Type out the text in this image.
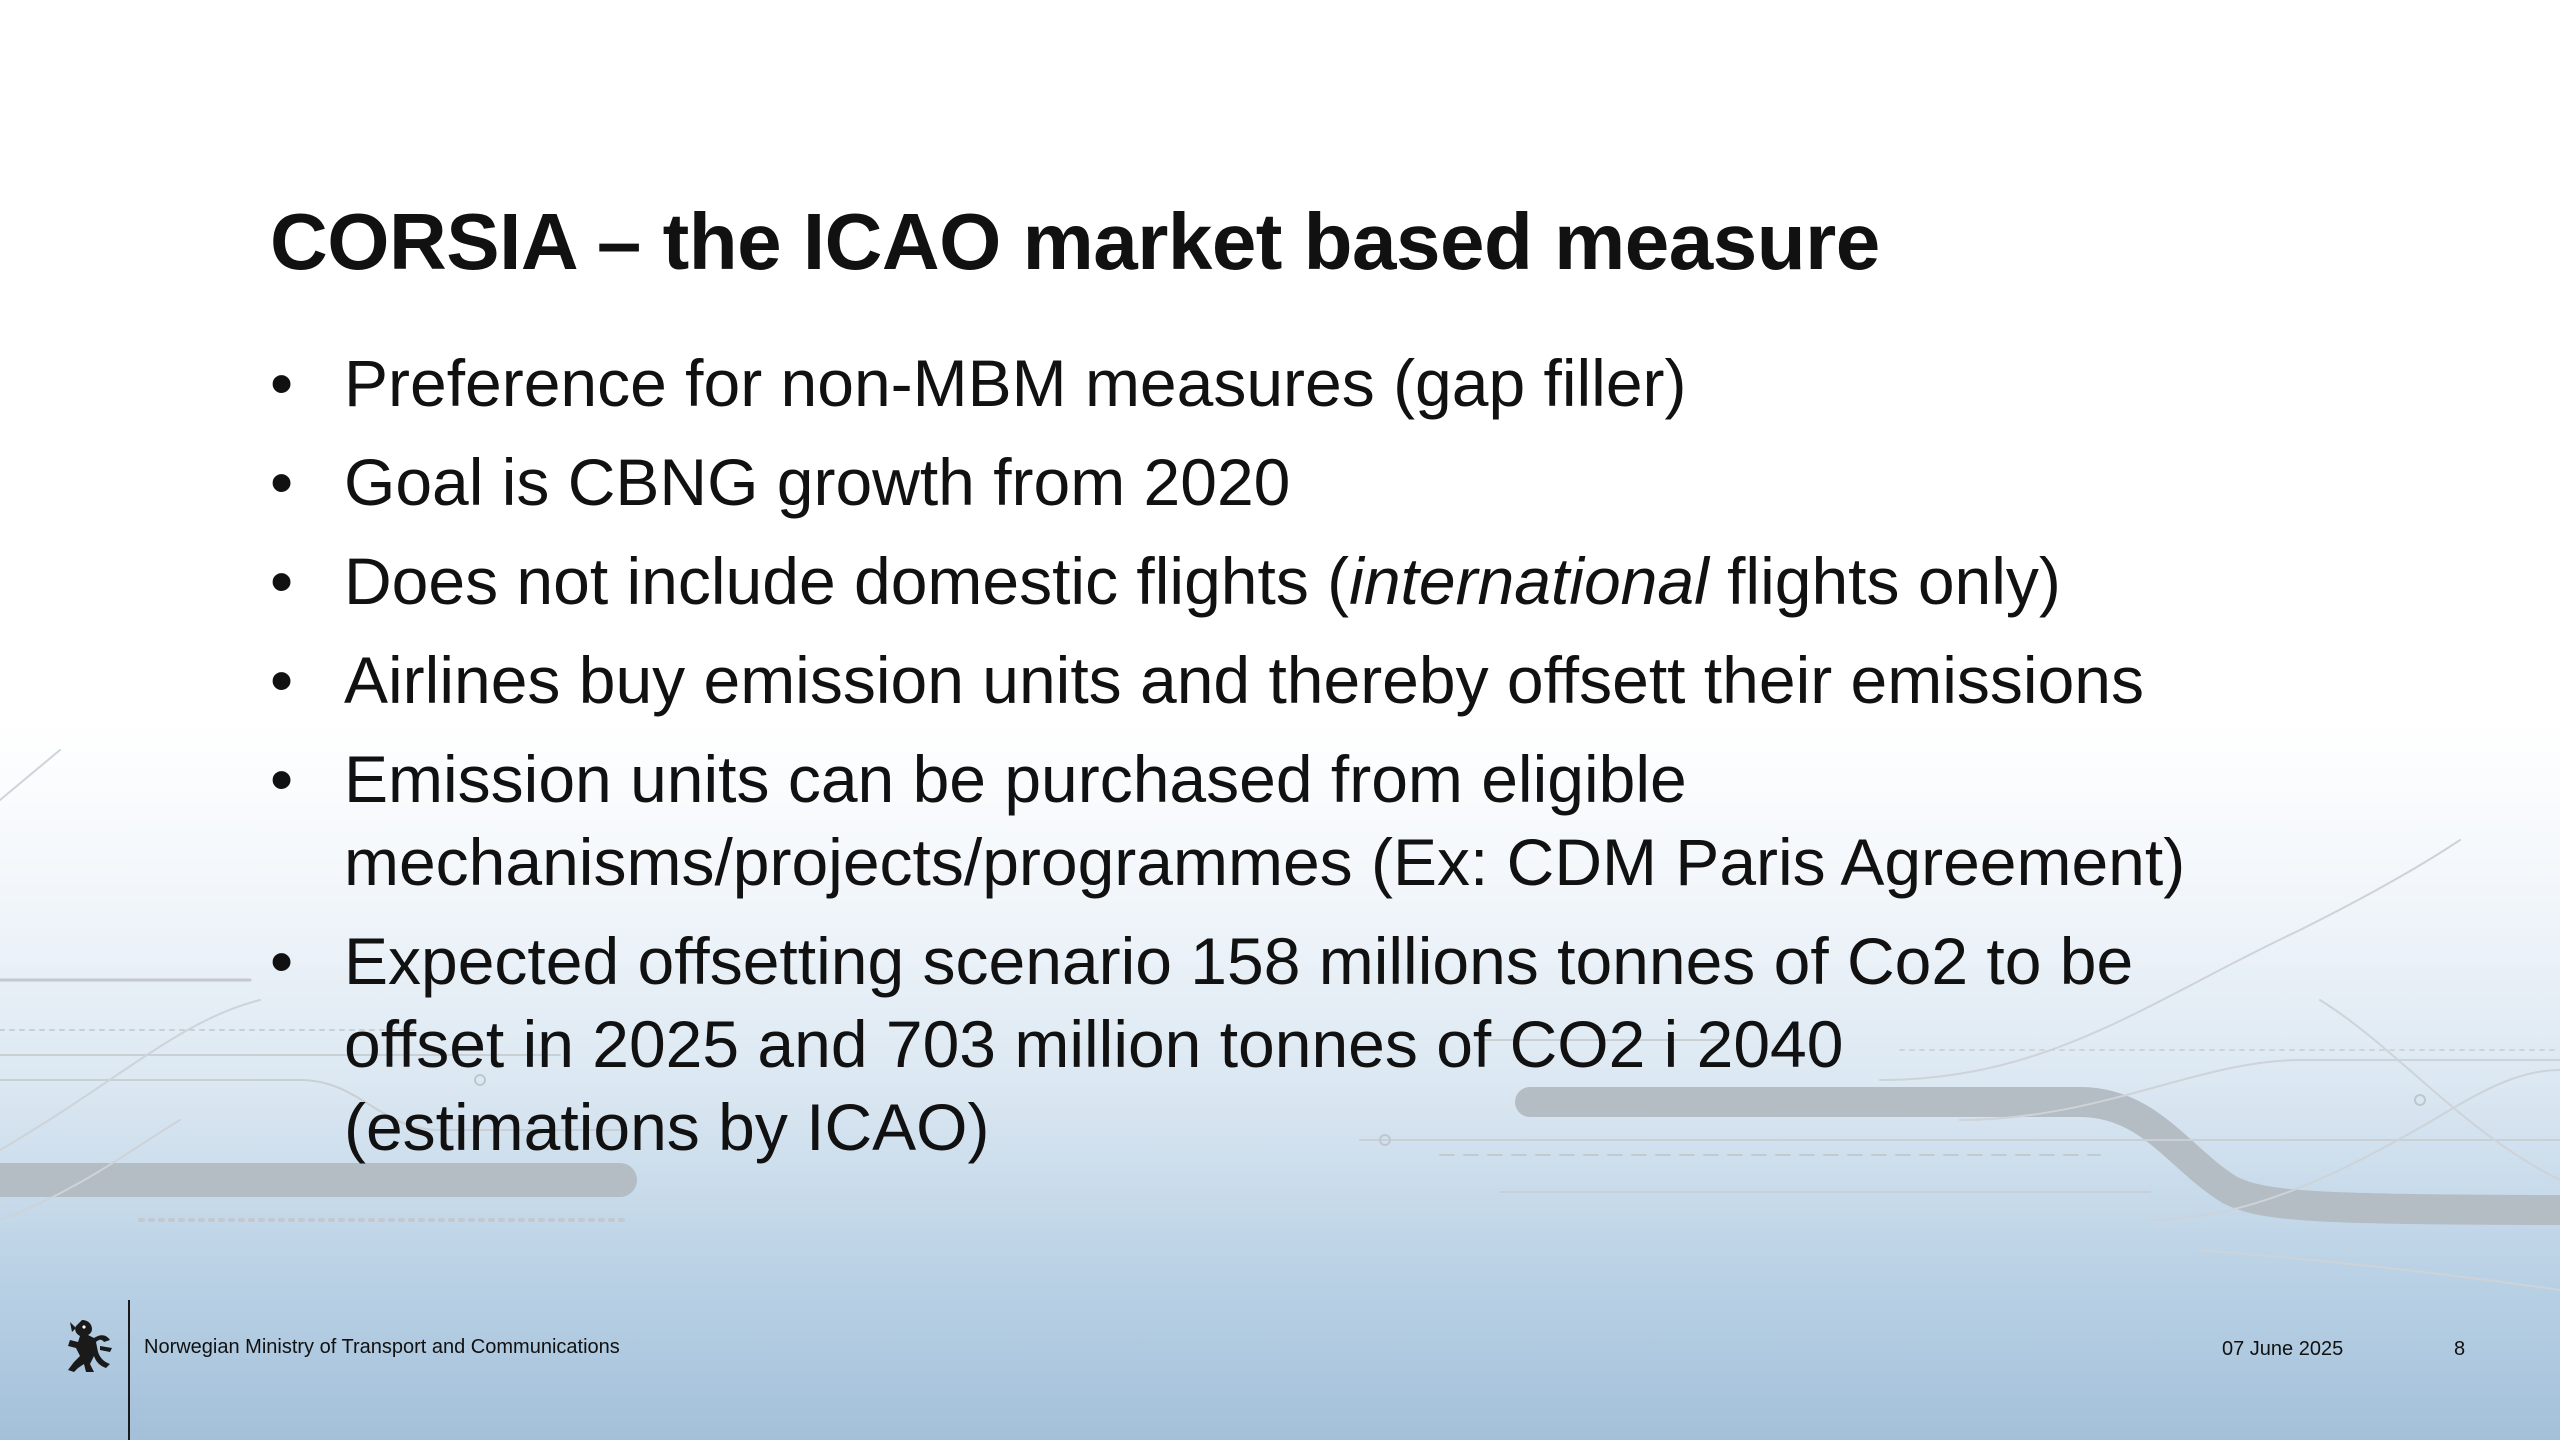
CORSIA – the ICAO market based measure
• Preference for non-MBM measures (gap filler)
• Goal is CBNG growth from 2020
• Does not include domestic flights (international flights only)
• Airlines buy emission units and thereby offsett their emissions
• Emission units can be purchased from eligible
mechanisms/projects/programmes (Ex: CDM Paris Agreement)
• Expected offsetting scenario 158 millions tonnes of Co2 to be
offset in 2025 and 703 million tonnes of CO2 i 2040
(estimations by ICAO)
Norwegian Ministry of Transport and Communications	07 June 2025	8
